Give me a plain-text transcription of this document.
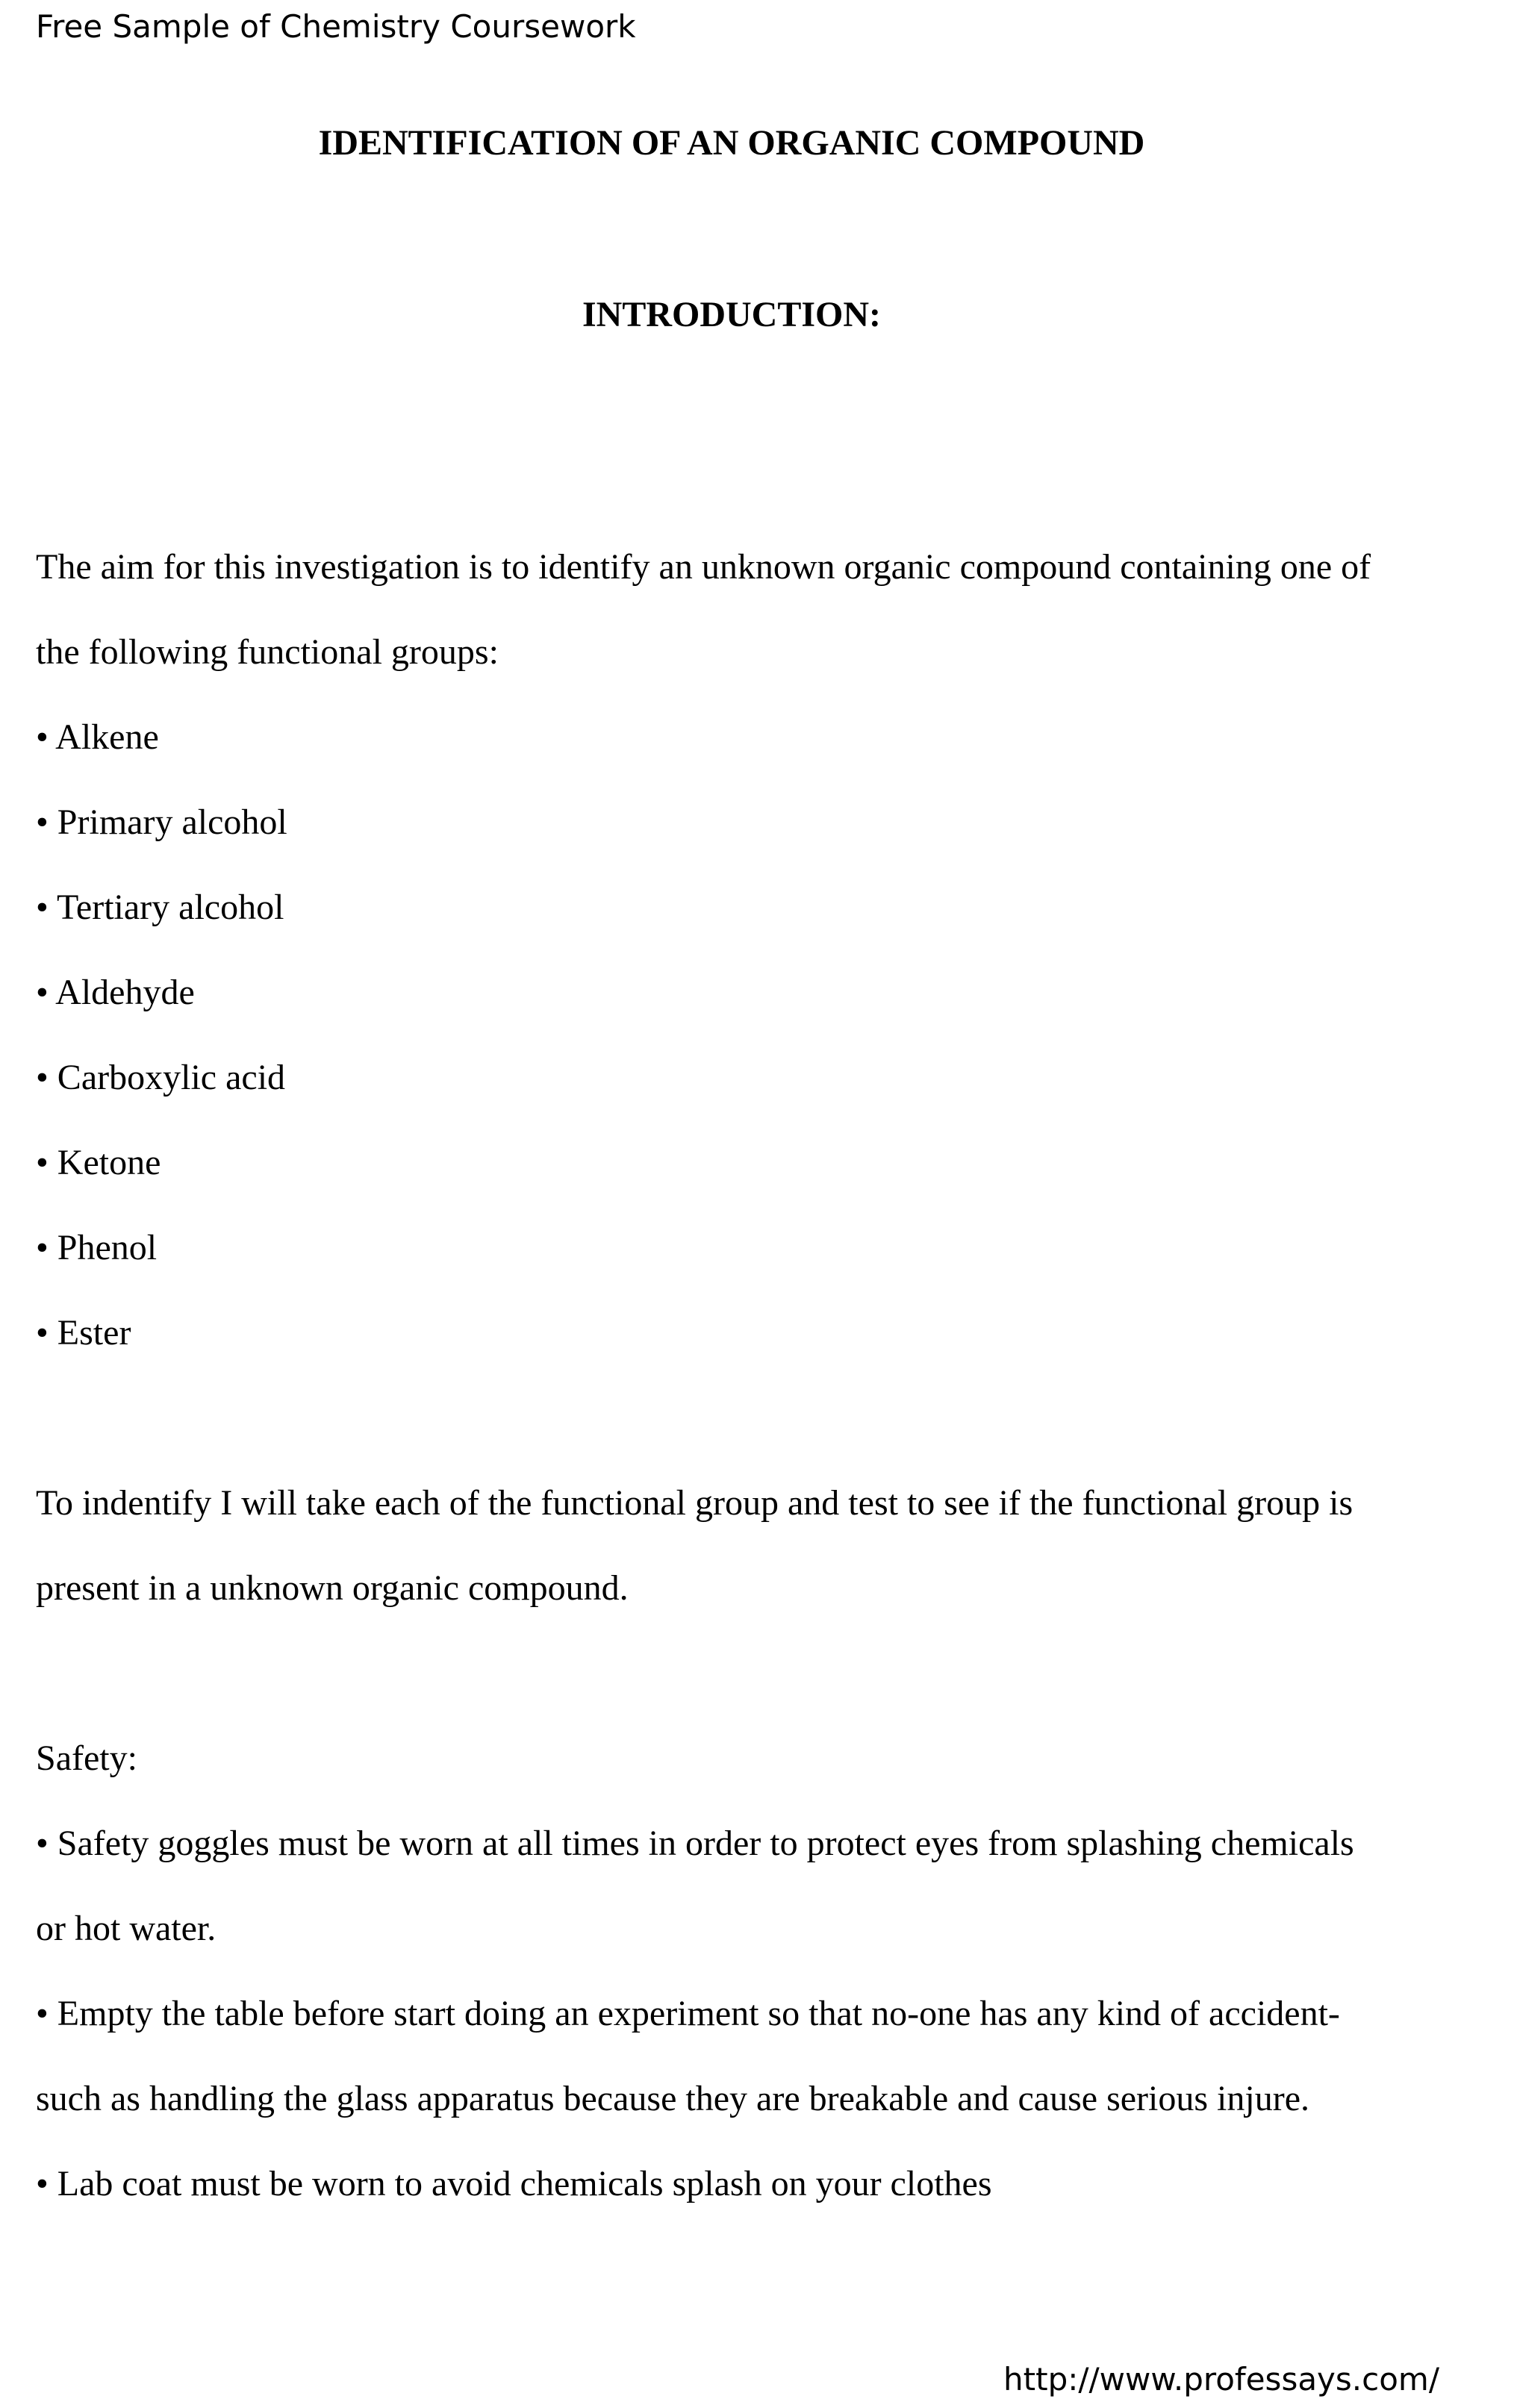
Free Sample of Chemistry Coursework
IDENTIFICATION OF AN ORGANIC COMPOUND
INTRODUCTION:
The aim for this investigation is to identify an unknown organic compound containing one of
the following functional groups:
• Alkene
• Primary alcohol
• Tertiary alcohol
• Aldehyde
• Carboxylic acid
• Ketone
• Phenol
• Ester
To indentify I will take each of the functional group and test to see if the functional group is
present in a unknown organic compound.
Safety:
• Safety goggles must be worn at all times in order to protect eyes from splashing chemicals
or hot water.
• Empty the table before start doing an experiment so that no-one has any kind of accident-
such as handling the glass apparatus because they are breakable and cause serious injure.
• Lab coat must be worn to avoid chemicals splash on your clothes
http://www.professays.com/
